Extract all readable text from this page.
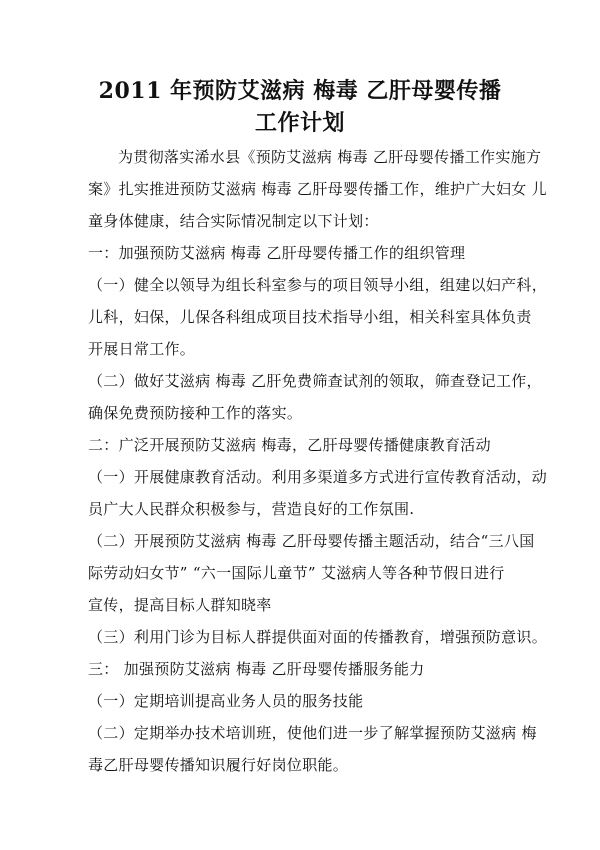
2011 年预防艾滋病 梅毒 乙肝母婴传播
工作计划
为贯彻落实浠水县《预防艾滋病 梅毒 乙肝母婴传播工作实施方
案》扎实推进预防艾滋病 梅毒 乙肝母婴传播工作，维护广大妇女 儿
童身体健康，结合实际情况制定以下计划：
一：加强预防艾滋病 梅毒 乙肝母婴传播工作的组织管理
（一）健全以领导为组长科室参与的项目领导小组，组建以妇产科，
儿科，妇保，儿保各科组成项目技术指导小组，相关科室具体负责
开展日常工作。
（二）做好艾滋病 梅毒 乙肝免费筛查试剂的领取，筛查登记工作，
确保免费预防接种工作的落实。
二：广泛开展预防艾滋病 梅毒，乙肝母婴传播健康教育活动
（一）开展健康教育活动。利用多渠道多方式进行宣传教育活动，动
员广大人民群众积极参与，营造良好的工作氛围.
（二）开展预防艾滋病 梅毒 乙肝母婴传播主题活动，结合“三八国
际劳动妇女节” “六一国际儿童节” 艾滋病人等各种节假日进行
宣传，提高目标人群知晓率
（三）利用门诊为目标人群提供面对面的传播教育，增强预防意识。
三： 加强预防艾滋病 梅毒 乙肝母婴传播服务能力
（一）定期培训提高业务人员的服务技能
（二）定期举办技术培训班，使他们进一步了解掌握预防艾滋病 梅
毒乙肝母婴传播知识履行好岗位职能。
